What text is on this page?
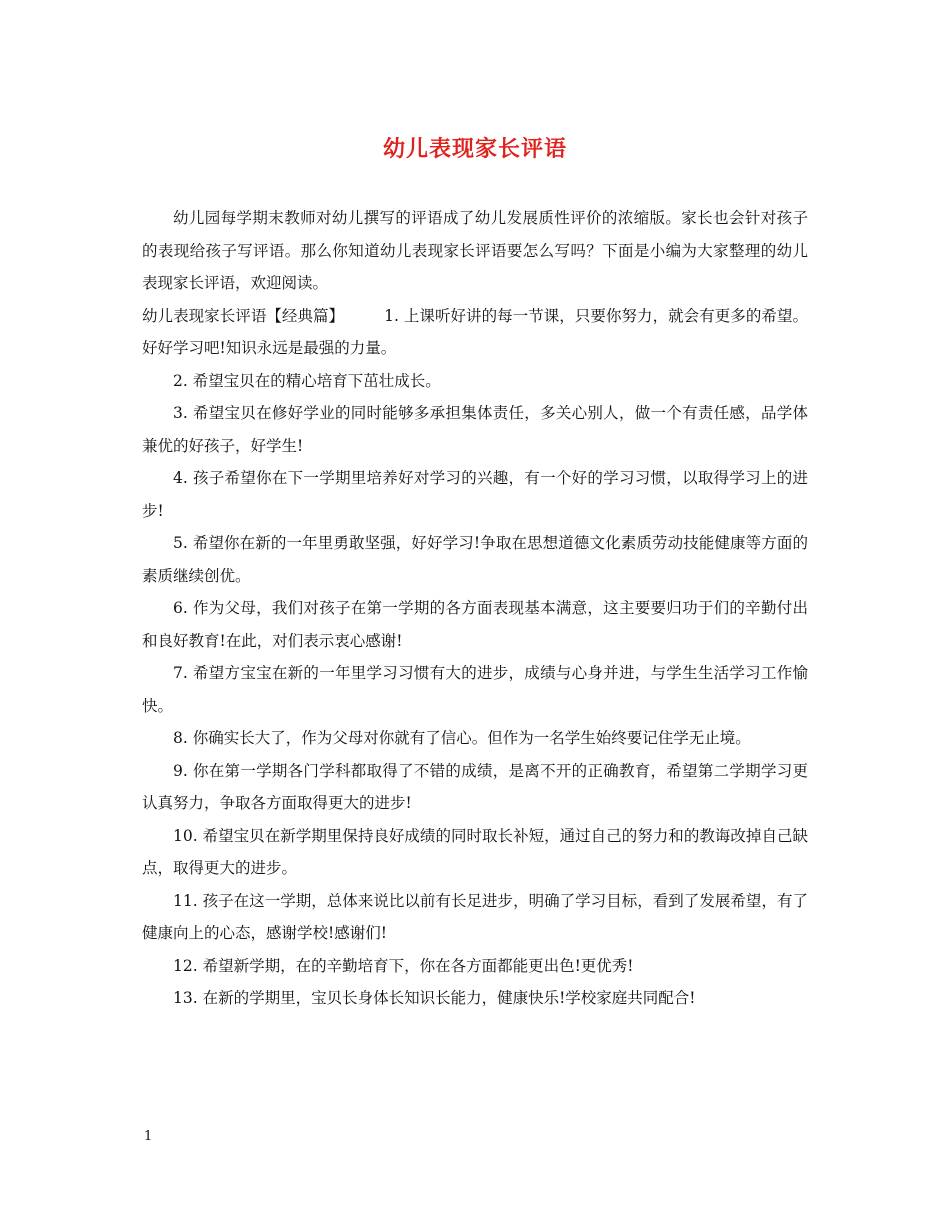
幼儿表现家长评语

幼儿园每学期末教师对幼儿撰写的评语成了幼儿发展质性评价的浓缩版。家长也会针对孩子的表现给孩子写评语。那么你知道幼儿表现家长评语要怎么写吗？下面是小编为大家整理的幼儿表现家长评语，欢迎阅读。

幼儿表现家长评语【经典篇】	1. 上课听好讲的每一节课，只要你努力，就会有更多的希望。好好学习吧!知识永远是最强的力量。

2. 希望宝贝在的精心培育下茁壮成长。

3. 希望宝贝在修好学业的同时能够多承担集体责任，多关心别人，做一个有责任感，品学体兼优的好孩子，好学生!

4. 孩子希望你在下一学期里培养好对学习的兴趣，有一个好的学习习惯，以取得学习上的进步!

5. 希望你在新的一年里勇敢坚强，好好学习!争取在思想道德文化素质劳动技能健康等方面的素质继续创优。

6. 作为父母，我们对孩子在第一学期的各方面表现基本满意，这主要要归功于们的辛勤付出和良好教育!在此，对们表示衷心感谢!

7. 希望方宝宝在新的一年里学习习惯有大的进步，成绩与心身并进，与学生生活学习工作愉快。

8. 你确实长大了，作为父母对你就有了信心。但作为一名学生始终要记住学无止境。

9. 你在第一学期各门学科都取得了不错的成绩，是离不开的正确教育，希望第二学期学习更认真努力，争取各方面取得更大的进步!

10. 希望宝贝在新学期里保持良好成绩的同时取长补短，通过自己的努力和的教诲改掉自己缺点，取得更大的进步。

11. 孩子在这一学期，总体来说比以前有长足进步，明确了学习目标，看到了发展希望，有了健康向上的心态，感谢学校!感谢们!

12. 希望新学期，在的辛勤培育下，你在各方面都能更出色!更优秀!

13. 在新的学期里，宝贝长身体长知识长能力，健康快乐!学校家庭共同配合!

1
